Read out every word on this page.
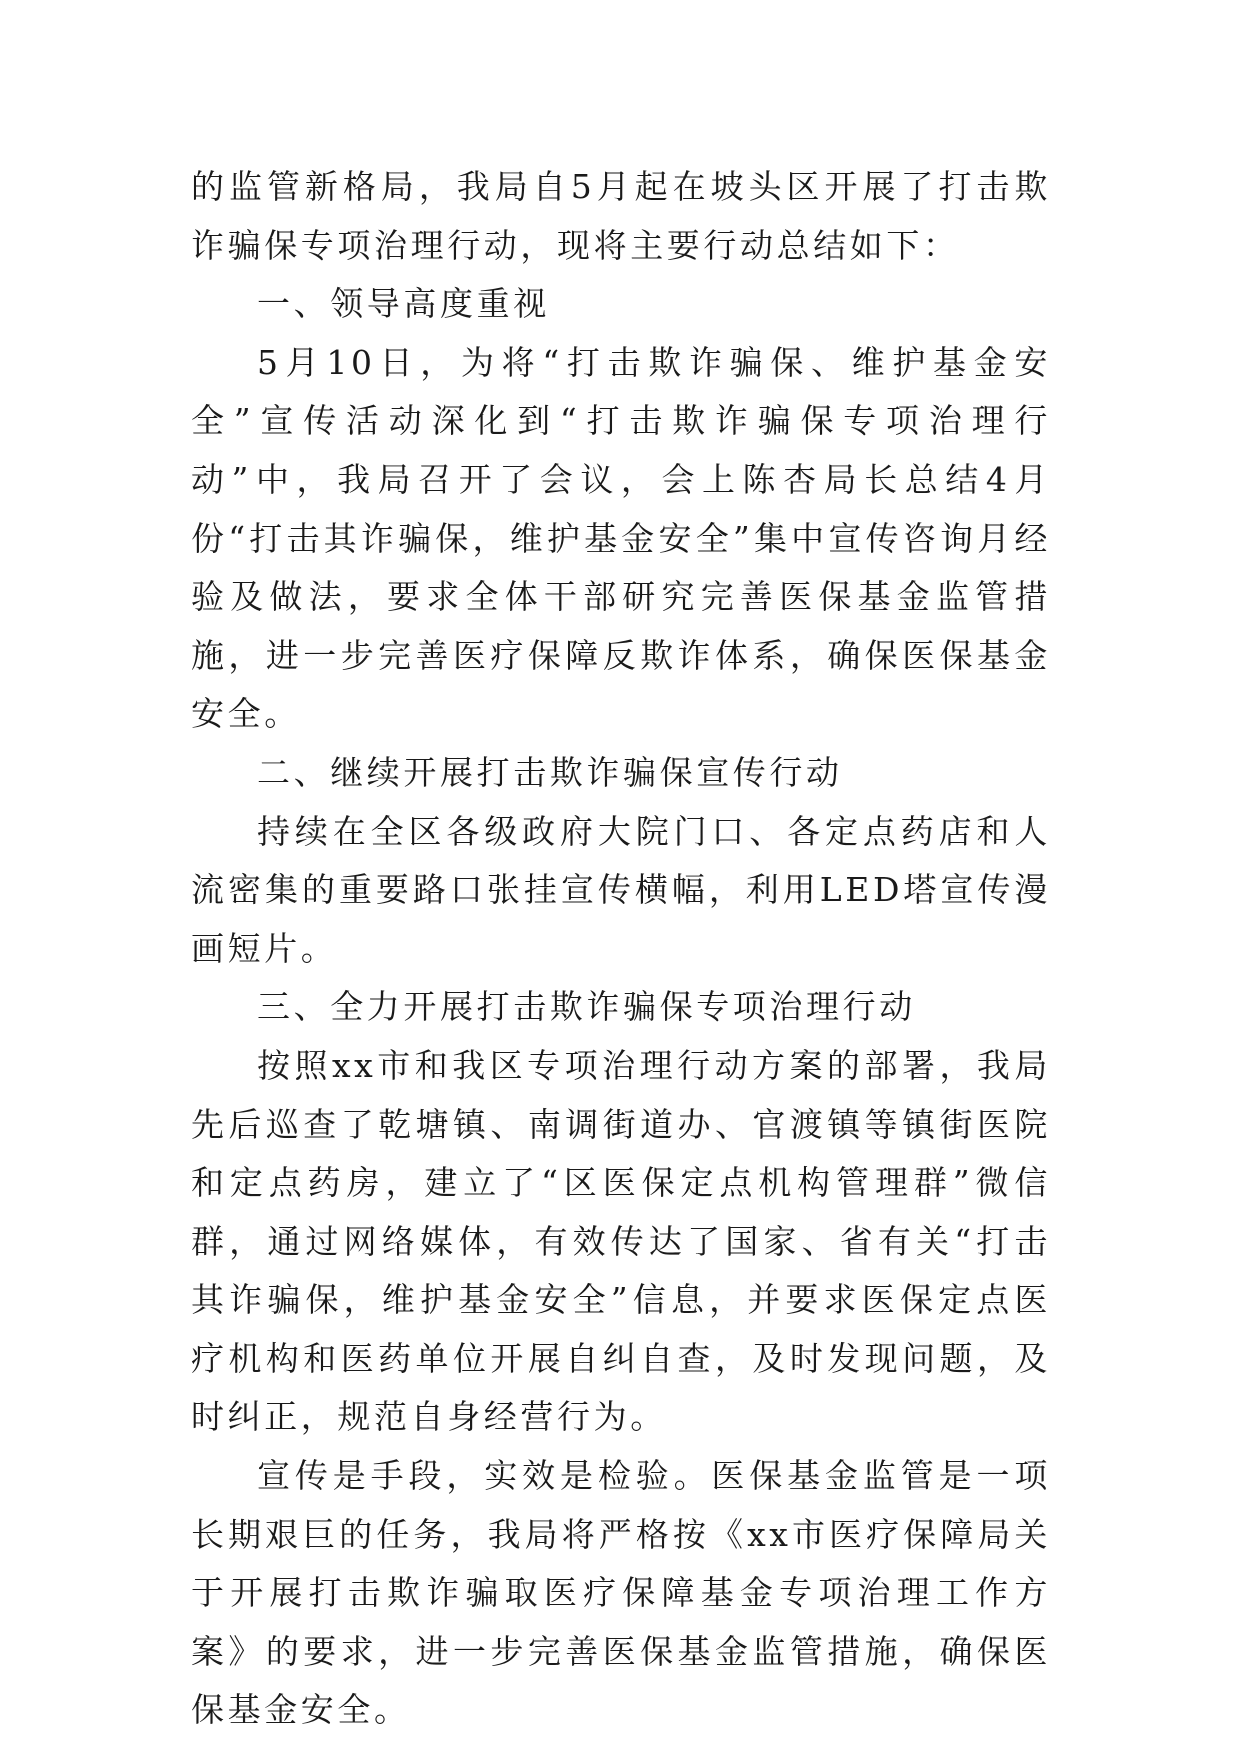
的监管新格局，我局自5月起在坡头区开展了打击欺诈骗保专项治理行动，现将主要行动总结如下：

一、领导高度重视

5月10日，为将“打击欺诈骗保、维护基金安全”宣传活动深化到“打击欺诈骗保专项治理行动”中，我局召开了会议，会上陈杏局长总结4月份“打击其诈骗保，维护基金安全”集中宣传咨询月经验及做法，要求全体干部研究完善医保基金监管措施，进一步完善医疗保障反欺诈体系，确保医保基金安全。

二、继续开展打击欺诈骗保宣传行动

持续在全区各级政府大院门口、各定点药店和人流密集的重要路口张挂宣传横幅，利用LED塔宣传漫画短片。

三、全力开展打击欺诈骗保专项治理行动

按照xx市和我区专项治理行动方案的部署，我局先后巡查了乾塘镇、南调街道办、官渡镇等镇街医院和定点药房，建立了“区医保定点机构管理群”微信群，通过网络媒体，有效传达了国家、省有关“打击其诈骗保，维护基金安全”信息，并要求医保定点医疗机构和医药单位开展自纠自查，及时发现问题，及时纠正，规范自身经营行为。

宣传是手段，实效是检验。医保基金监管是一项长期艰巨的任务，我局将严格按《xx市医疗保障局关于开展打击欺诈骗取医疗保障基金专项治理工作方案》的要求，进一步完善医保基金监管措施，确保医保基金安全。
